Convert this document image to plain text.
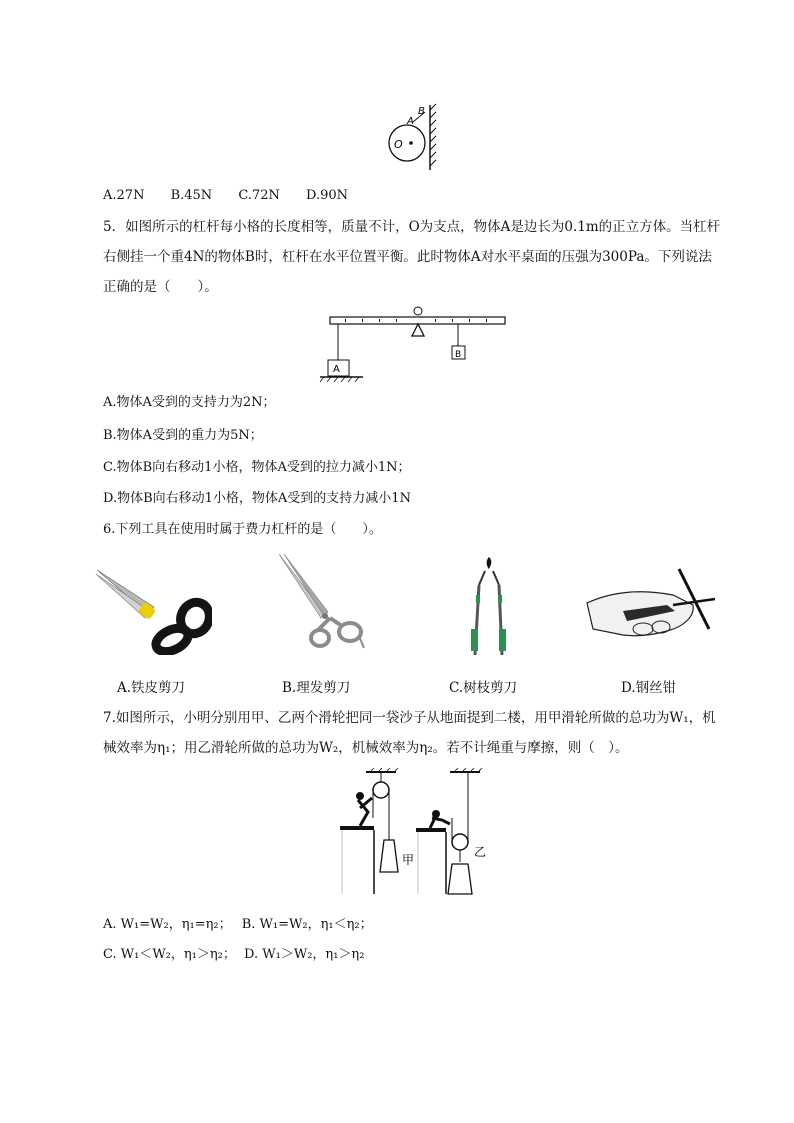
O
A
B
A.27N B.45N C.72N D.90N
5．如图所示的杠杆每小格的长度相等，质量不计，O为支点，物体A是边长为0.1m的正立方体。当杠杆右侧挂一个重4N的物体B时，杠杆在水平位置平衡。此时物体A对水平桌面的压强为300Pa。下列说法正确的是（　　）。
A
B
A.物体A受到的支持力为2N；
B.物体A受到的重力为5N；
C.物体B向右移动1小格，物体A受到的拉力减小1N；
D.物体B向右移动1小格，物体A受到的支持力减小1N
6.下列工具在使用时属于费力杠杆的是（　　）。
A.铁皮剪刀	B.理发剪刀	C.树枝剪刀	D.钢丝钳
7.如图所示，小明分别用甲、乙两个滑轮把同一袋沙子从地面提到二楼，用甲滑轮所做的总功为W₁，机械效率为η₁；用乙滑轮所做的总功为W₂，机械效率为η₂。若不计绳重与摩擦，则（　）。
甲
乙
A. W₁=W₂，η₁=η₂； B. W₁=W₂，η₁＜η₂；
C. W₁＜W₂，η₁＞η₂； D. W₁＞W₂，η₁＞η₂
